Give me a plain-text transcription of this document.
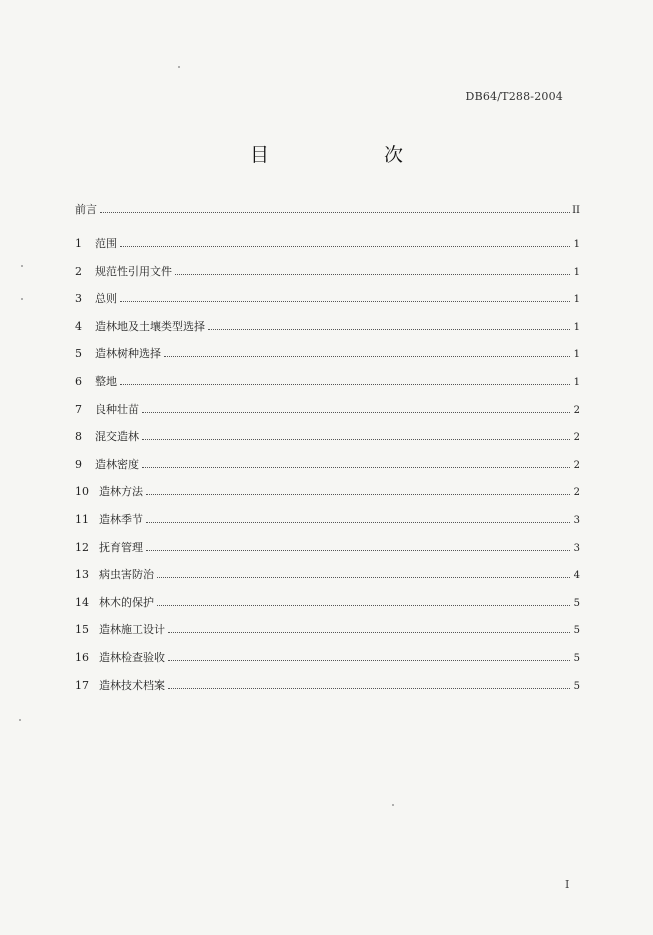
DB64/T288-2004
目　次
前言	II
1	范围	1
2	规范性引用文件	1
3	总则	1
4	造林地及土壤类型选择	1
5	造林树种选择	1
6	整地	1
7	良种壮苗	2
8	混交造林	2
9	造林密度	2
10 造林方法	2
11 造林季节	3
12 抚育管理	3
13 病虫害防治	4
14 林木的保护	5
15 造林施工设计	5
16 造林检查验收	5
17 造林技术档案	5
I
